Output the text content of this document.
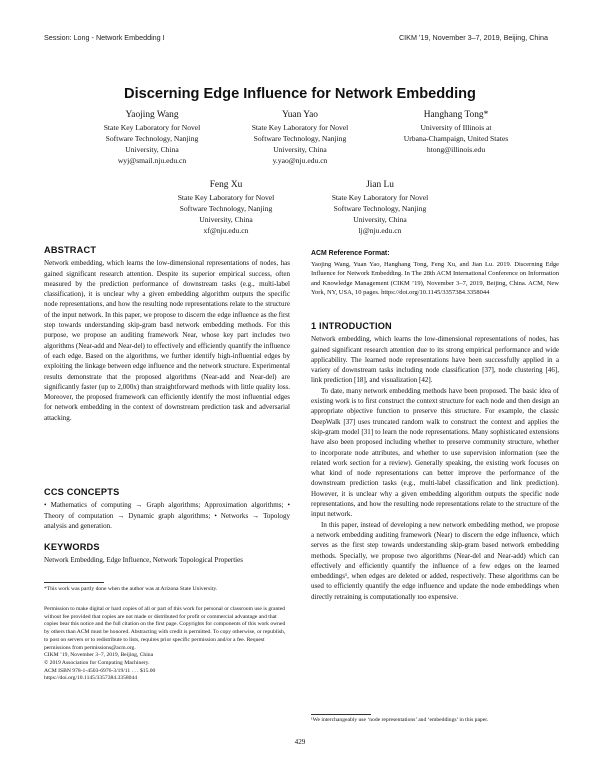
Session: Long - Network Embedding I	CIKM ’19, November 3–7, 2019, Beijing, China
Discerning Edge Influence for Network Embedding
Yaojing Wang
State Key Laboratory for Novel
Software Technology, Nanjing
University, China
wyj@smail.nju.edu.cn
Yuan Yao
State Key Laboratory for Novel
Software Technology, Nanjing
University, China
y.yao@nju.edu.cn
Hanghang Tong*
University of Illinois at
Urbana-Champaign, United States
htong@illinois.edu
Feng Xu
State Key Laboratory for Novel
Software Technology, Nanjing
University, China
xf@nju.edu.cn
Jian Lu
State Key Laboratory for Novel
Software Technology, Nanjing
University, China
lj@nju.edu.cn
ABSTRACT

Network embedding, which learns the low-dimensional representations of nodes, has gained significant research attention. Despite its superior empirical success, often measured by the prediction performance of downstream tasks (e.g., multi-label classification), it is unclear why a given embedding algorithm outputs the specific node representations, and how the resulting node representations relate to the structure of the input network. In this paper, we propose to discern the edge influence as the first step towards understanding skip-gram basd network embedding methods. For this purpose, we propose an auditing framework Near, whose key part includes two algorithms (Near-add and Near-del) to effectively and efficiently quantify the influence of each edge. Based on the algorithms, we further identify high-influential edges by exploiting the linkage between edge influence and the network structure. Experimental results demonstrate that the proposed algorithms (Near-add and Near-del) are significantly faster (up to 2,000x) than straightforward methods with little quality loss. Moreover, the proposed framework can efficiently identify the most influential edges for network embedding in the context of downstream prediction task and adversarial attacking.

CCS CONCEPTS

• Mathematics of computing → Graph algorithms; Approximation algorithms; • Theory of computation → Dynamic graph algorithms; • Networks → Topology analysis and generation.

KEYWORDS

Network Embedding, Edge Influence, Network Topological Properties

*This work was partly done when the author was at Arizona State University.

Permission to make digital or hard copies of all or part of this work for personal or classroom use is granted without fee provided that copies are not made or distributed for profit or commercial advantage and that copies bear this notice and the full citation on the first page. Copyrights for components of this work owned by others than ACM must be honored. Abstracting with credit is permitted. To copy otherwise, or republish, to post on servers or to redistribute to lists, requires prior specific permission and/or a fee. Request permissions from permissions@acm.org.

CIKM ’19, November 3–7, 2019, Beijing, China

© 2019 Association for Computing Machinery.

ACM ISBN 978-1-4503-6976-3/19/11 . . . $15.00

https://doi.org/10.1145/3357384.3358044

ACM Reference Format:

Yaojing Wang, Yuan Yao, Hanghang Tong, Feng Xu, and Jian Lu. 2019. Discerning Edge Influence for Network Embedding. In The 28th ACM International Conference on Information and Knowledge Management (CIKM ’19), November 3–7, 2019, Beijing, China. ACM, New York, NY, USA, 10 pages. https://doi.org/10.1145/3357384.3358044

1 INTRODUCTION

Network embedding, which learns the low-dimensional representations of nodes, has gained significant research attention due to its strong empirical performance and wide applicability. The learned node representations have been successfully applied in a variety of downstream tasks including node classification [37], node clustering [46], link prediction [18], and visualization [42].

To date, many network embedding methods have been proposed. The basic idea of existing work is to first construct the context structure for each node and then design an appropriate objective function to preserve this structure. For example, the classic DeepWalk [37] uses truncated random walk to construct the context and applies the skip-gram model [31] to learn the node representations. Many sophisticated extensions have also been proposed including whether to preserve community structure, whether to incorporate node attributes, and whether to use supervision information (see the related work section for a review). Generally speaking, the existing work focuses on what kind of node representations can better improve the performance of the downstream prediction tasks (e.g., multi-label classification and link prediction). However, it is unclear why a given embedding algorithm outputs the specific node representations, and how the resulting node representations relate to the structure of the input network.

In this paper, instead of developing a new network embedding method, we propose a network embedding auditing framework (Near) to discern the edge influence, which serves as the first step towards understanding skip-gram based network embedding methods. Specially, we propose two algorithms (Near-del and Near-add) which can effectively and efficiently quantify the influence of a few edges on the learned embeddings¹, when edges are deleted or added, respectively. These algorithms can be used to efficiently quantify the edge influence and update the node embeddings when directly retraining is computationally too expensive.

¹We interchangeably use ‘node representations’ and ‘embeddings’ in this paper.
429
